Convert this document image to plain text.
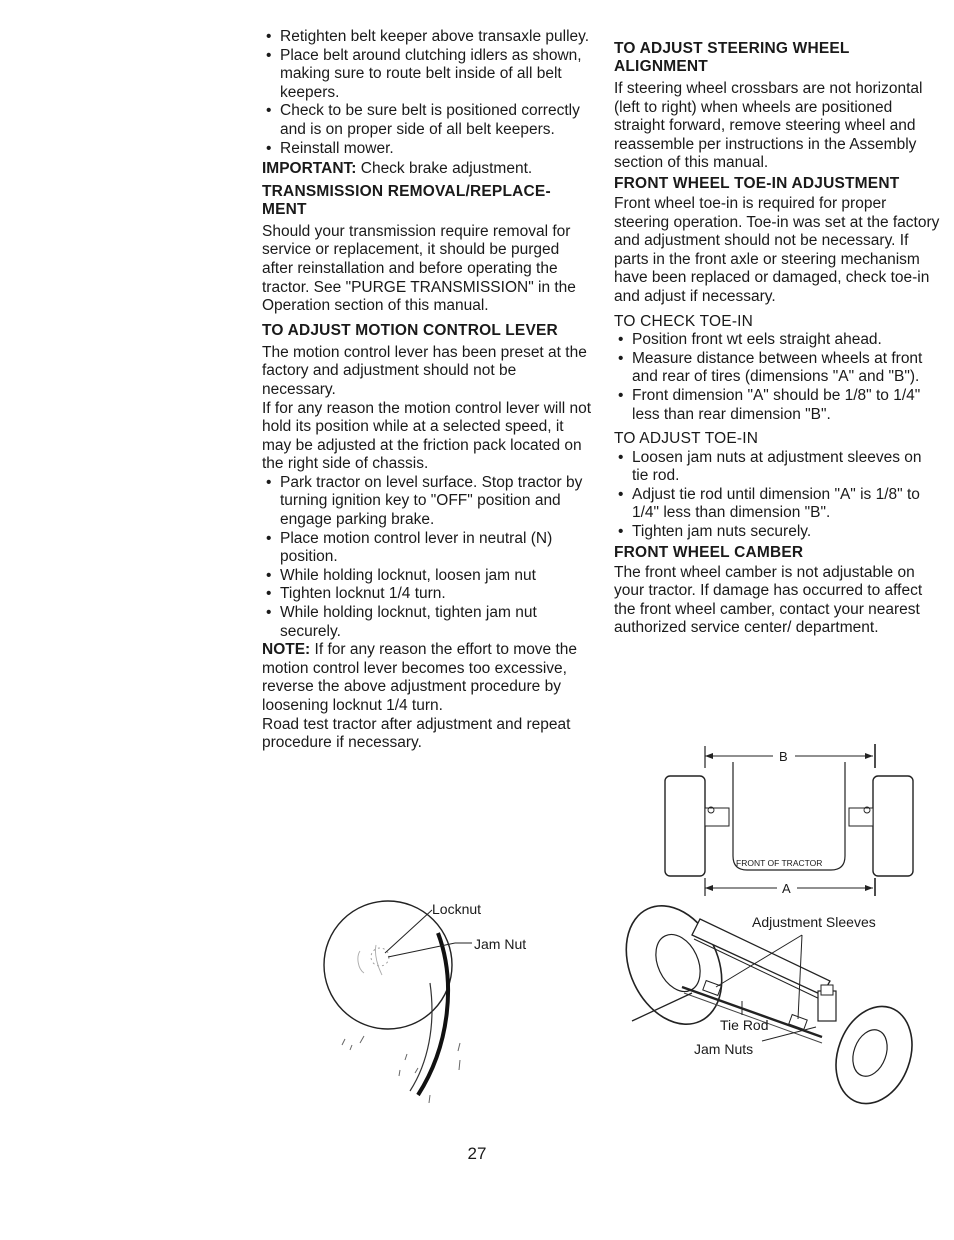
• Retighten belt keeper above transaxle pulley.
• Place belt around clutching idlers as shown, making sure to route belt inside of all belt keepers.
• Check to be sure belt is positioned correctly and is on proper side of all belt keepers.
• Reinstall mower.

IMPORTANT: Check brake adjustment.

TRANSMISSION REMOVAL/REPLACE-MENT

Should your transmission require removal for service or replacement, it should be purged after reinstallation and before operating the tractor. See "PURGE TRANSMISSION" in the Operation section of this manual.

TO ADJUST MOTION CONTROL LEVER

The motion control lever has been preset at the factory and adjustment should not be necessary.

If for any reason the motion control lever will not hold its position while at a selected speed, it may be adjusted at the friction pack located on the right side of chassis.

• Park tractor on level surface. Stop tractor by turning ignition key to "OFF" position and engage parking brake.
• Place motion control lever in neutral (N) position.
• While holding locknut, loosen jam nut
• Tighten locknut 1/4 turn.
• While holding locknut, tighten jam nut securely.

NOTE: If for any reason the effort to move the motion control lever becomes too excessive, reverse the above adjustment procedure by loosening locknut 1/4 turn.

Road test tractor after adjustment and repeat procedure if necessary.

Locknut
Jam Nut
TO ADJUST STEERING WHEEL ALIGNMENT

If steering wheel crossbars are not horizontal (left to right) when wheels are positioned straight forward, remove steering wheel and reassemble per instructions in the Assembly section of this manual.

FRONT WHEEL TOE-IN ADJUSTMENT

Front wheel toe-in is required for proper steering operation. Toe-in was set at the factory and adjustment should not be necessary. If parts in the front axle or steering mechanism have been replaced or damaged, check toe-in and adjust if necessary.

TO CHECK TOE-IN

• Position front wt eels straight ahead.
• Measure distance between wheels at front and rear of tires (dimensions "A" and "B").
• Front dimension "A" should be 1/8" to 1/4" less than rear dimension "B".

TO ADJUST TOE-IN

• Loosen jam nuts at adjustment sleeves on tie rod.
• Adjust tie rod until dimension "A" is 1/8" to 1/4" less than dimension "B".
• Tighten jam nuts securely.
FRONT WHEEL CAMBER

The front wheel camber is not adjustable on your tractor. If damage has occurred to affect the front wheel camber, contact your nearest authorized service center/ department.

B
FRONT OF TRACTOR
A
Adjustment Sleeves
Tie Rod
Jam Nuts
27
